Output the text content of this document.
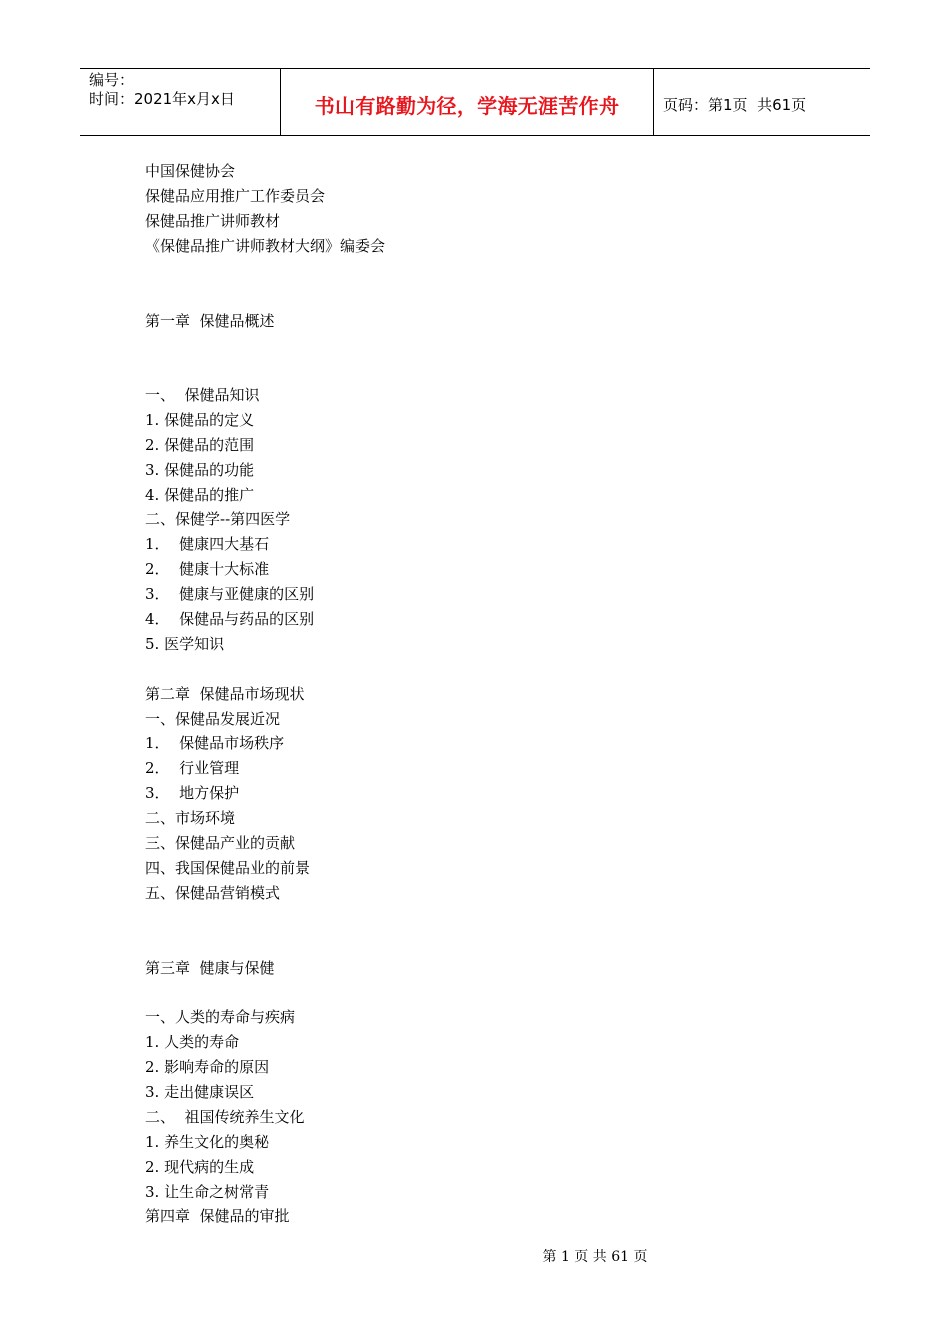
编号：
时间：2021年x月x日	书山有路勤为径，学海无涯苦作舟	页码：第1页  共61页
中国保健协会
保健品应用推广工作委员会
保健品推广讲师教材
《保健品推广讲师教材大纲》编委会
第一章  保健品概述
一、  保健品知识
1. 保健品的定义
2. 保健品的范围
3. 保健品的功能
4. 保健品的推广
二、保健学--第四医学
1．  健康四大基石
2．  健康十大标准
3．  健康与亚健康的区别
4．  保健品与药品的区别
5. 医学知识
第二章  保健品市场现状
一、保健品发展近况
1．  保健品市场秩序
2．  行业管理
3．  地方保护
二、市场环境
三、保健品产业的贡献
四、我国保健品业的前景
五、保健品营销模式
第三章  健康与保健
一、人类的寿命与疾病
1. 人类的寿命
2. 影响寿命的原因
3. 走出健康误区
二、  祖国传统养生文化
1. 养生文化的奥秘
2. 现代病的生成
3. 让生命之树常青
第四章  保健品的审批
第 1 页 共 61 页
